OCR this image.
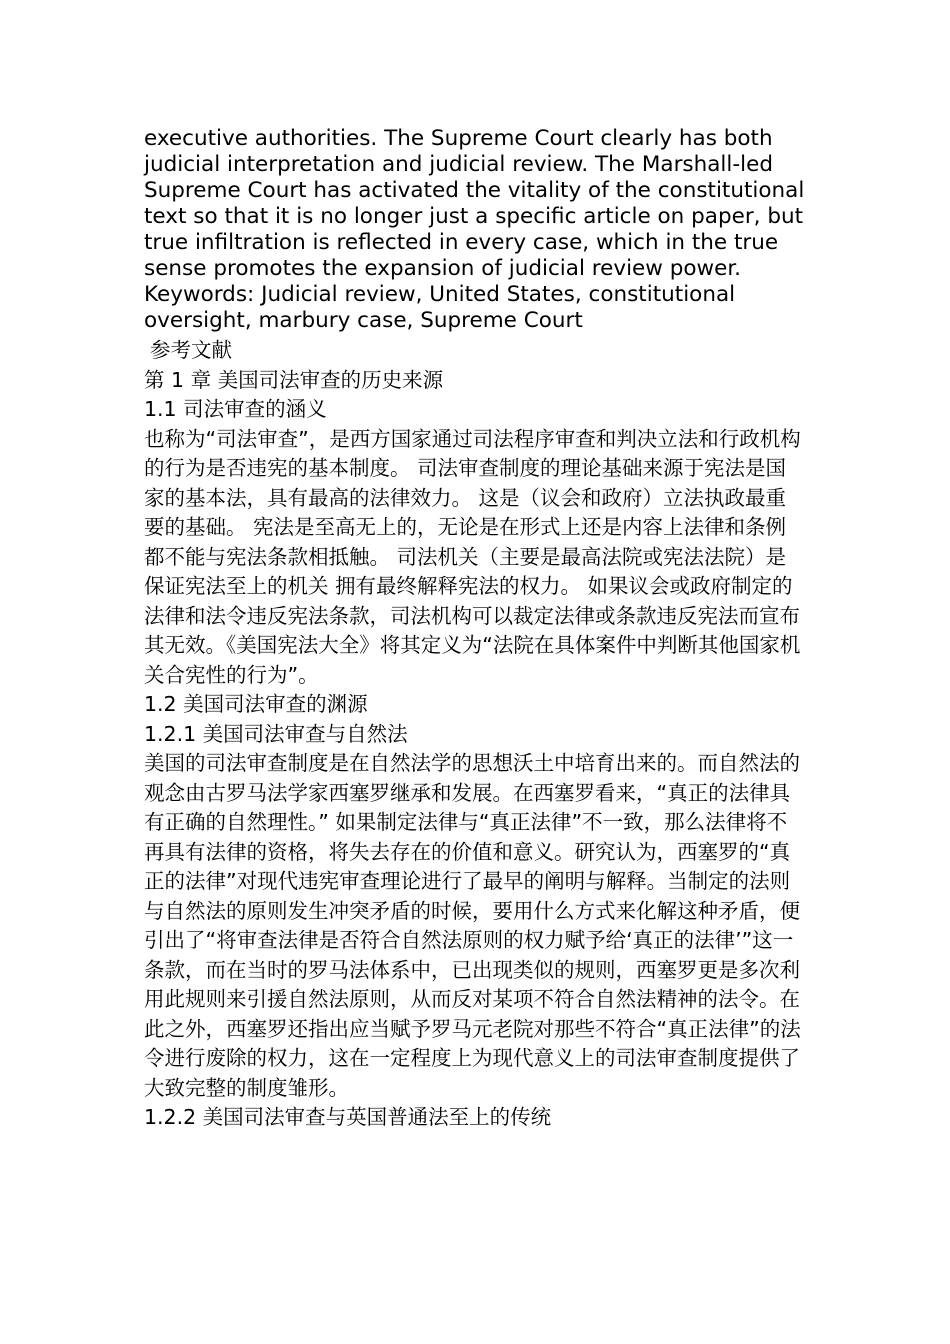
executive authorities. The Supreme Court clearly has both judicial interpretation and judicial review. The Marshall-led Supreme Court has activated the vitality of the constitutional text so that it is no longer just a specific article on paper, but true infiltration is reflected in every case, which in the true sense promotes the expansion of judicial review power.

Keywords: Judicial review, United States, constitutional oversight, marbury case, Supreme Court

参考文献
第 1 章 美国司法审查的历史来源
1.1 司法审查的涵义

也称为“司法审查”，是西方国家通过司法程序审查和判决立法和行政机构的行为是否违宪的基本制度。 司法审查制度的理论基础来源于宪法是国家的基本法，具有最高的法律效力。 这是（议会和政府）立法执政最重要的基础。 宪法是至高无上的，无论是在形式上还是内容上法律和条例都不能与宪法条款相抵触。 司法机关（主要是最高法院或宪法法院）是保证宪法至上的机关 拥有最终解释宪法的权力。 如果议会或政府制定的法律和法令违反宪法条款，司法机构可以裁定法律或条款违反宪法而宣布其无效。《美国宪法大全》将其定义为“法院在具体案件中判断其他国家机关合宪性的行为”。

1.2 美国司法审查的渊源
1.2.1 美国司法审查与自然法

美国的司法审查制度是在自然法学的思想沃土中培育出来的。而自然法的观念由古罗马法学家西塞罗继承和发展。在西塞罗看来，“真正的法律具有正确的自然理性。” 如果制定法律与“真正法律”不一致，那么法律将不再具有法律的资格，将失去存在的价值和意义。研究认为，西塞罗的“真正的法律”对现代违宪审查理论进行了最早的阐明与解释。当制定的法则与自然法的原则发生冲突矛盾的时候，要用什么方式来化解这种矛盾，便引出了“将审查法律是否符合自然法原则的权力赋予给‘真正的法律’”这一条款，而在当时的罗马法体系中，已出现类似的规则，西塞罗更是多次利用此规则来引援自然法原则，从而反对某项不符合自然法精神的法令。在此之外，西塞罗还指出应当赋予罗马元老院对那些不符合“真正法律”的法令进行废除的权力，这在一定程度上为现代意义上的司法审查制度提供了大致完整的制度雏形。

1.2.2 美国司法审查与英国普通法至上的传统
